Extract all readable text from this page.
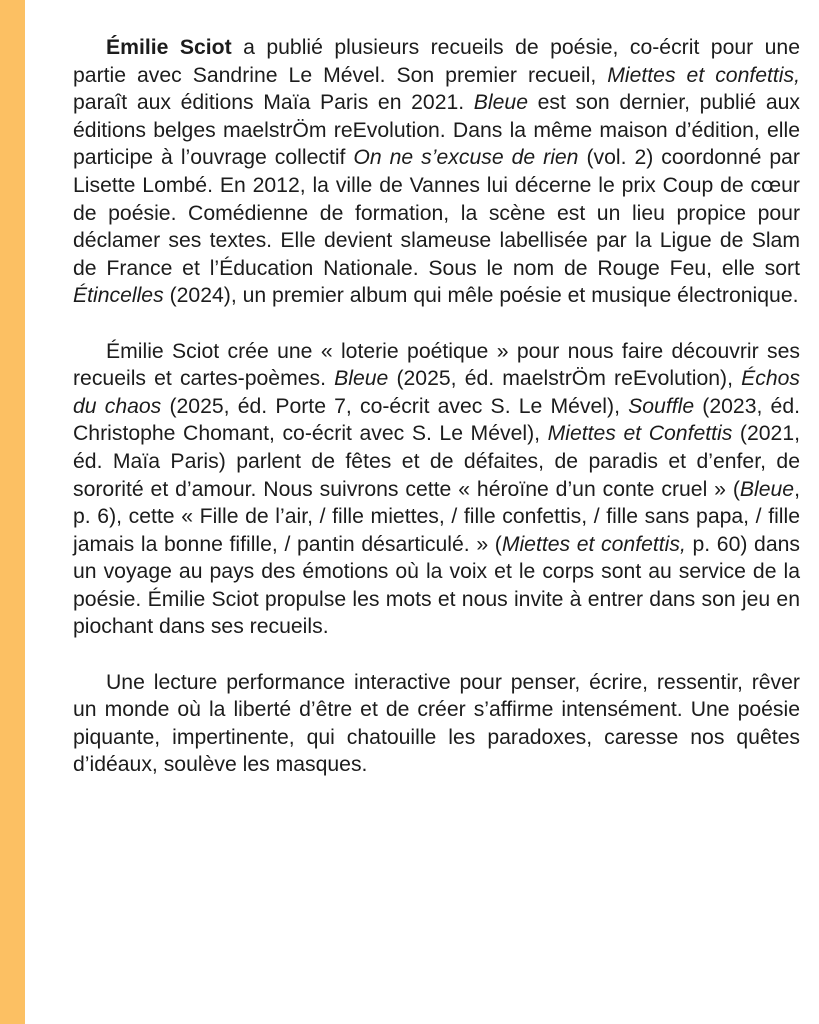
Émilie Sciot a publié plusieurs recueils de poésie, co-écrit pour une partie avec Sandrine Le Mével. Son premier recueil, Miettes et confettis, paraît aux éditions Maïa Paris en 2021. Bleue est son dernier, publié aux éditions belges maelstrÖm reEvolution. Dans la même maison d’édition, elle participe à l’ouvrage collectif On ne s’excuse de rien (vol. 2) coordonné par Lisette Lombé. En 2012, la ville de Vannes lui décerne le prix Coup de cœur de poésie. Comédienne de formation, la scène est un lieu propice pour déclamer ses textes. Elle devient slameuse labellisée par la Ligue de Slam de France et l’Éducation Nationale. Sous le nom de Rouge Feu, elle sort Étincelles (2024), un premier album qui mêle poésie et musique électronique.

Émilie Sciot crée une « loterie poétique » pour nous faire découvrir ses recueils et cartes-poèmes. Bleue (2025, éd. maelstrÖm reEvolution), Échos du chaos (2025, éd. Porte 7, co-écrit avec S. Le Mével), Souffle (2023, éd. Christophe Chomant, co-écrit avec S. Le Mével), Miettes et Confettis (2021, éd. Maïa Paris) parlent de fêtes et de défaites, de paradis et d’enfer, de sororité et d’amour. Nous suivrons cette « héroïne d’un conte cruel » (Bleue, p. 6), cette « Fille de l’air, / fille miettes, / fille confettis, / fille sans papa, / fille jamais la bonne fifille, / pantin désarticulé. » (Miettes et confettis, p. 60) dans un voyage au pays des émotions où la voix et le corps sont au service de la poésie. Émilie Sciot propulse les mots et nous invite à entrer dans son jeu en piochant dans ses recueils.

Une lecture performance interactive pour penser, écrire, ressentir, rêver un monde où la liberté d’être et de créer s’affirme intensément. Une poésie piquante, impertinente, qui chatouille les paradoxes, caresse nos quêtes d’idéaux, soulève les masques.
